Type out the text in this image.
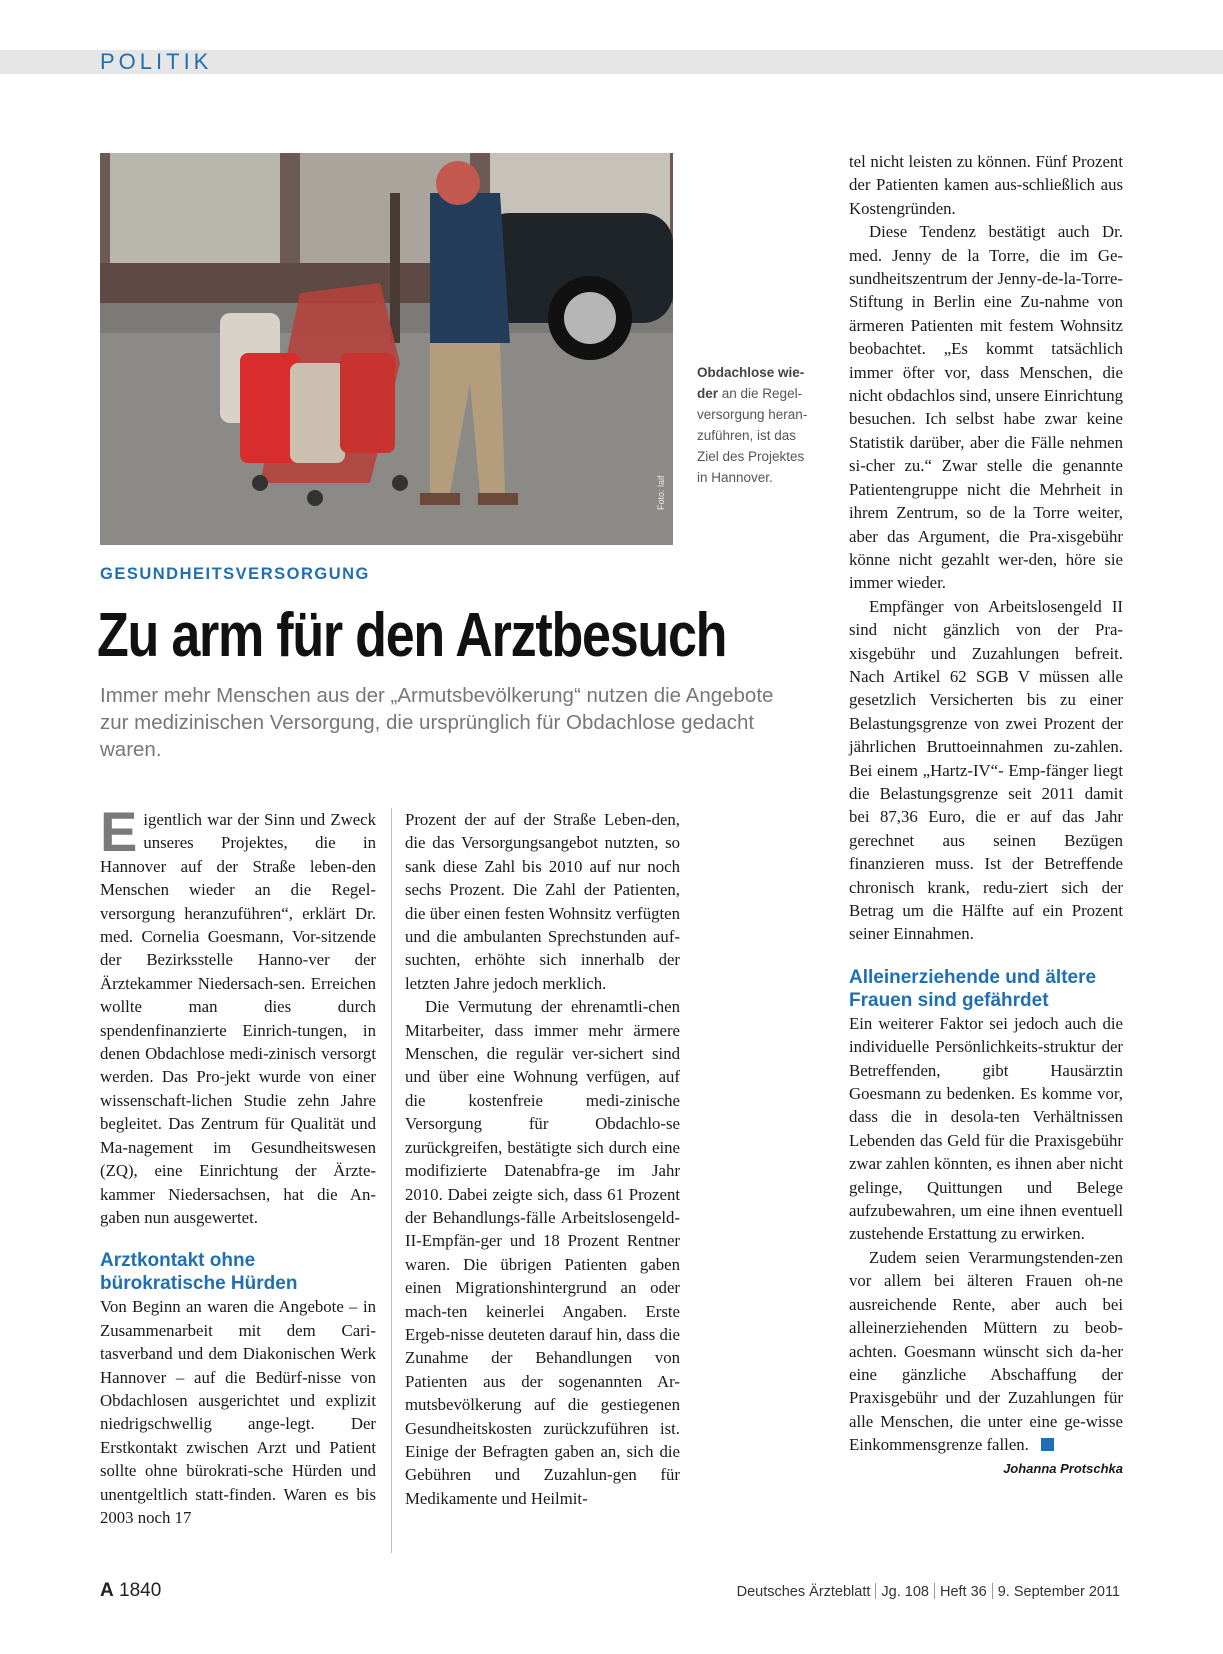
POLITIK
Foto: laif
Obdachlose wie-der an die Regel-versorgung heran-zuführen, ist das Ziel des Projektes in Hannover.
GESUNDHEITSVERSORGUNG
Zu arm für den Arztbesuch
Immer mehr Menschen aus der „Armutsbevölkerung“ nutzen die Angebote zur medizinischen Versorgung, die ursprünglich für Obdachlose gedacht waren.

Eigentlich war der Sinn und Zweck unseres Projektes, die in Hannover auf der Straße leben-den Menschen wieder an die Regel-versorgung heranzuführen“, erklärt Dr. med. Cornelia Goesmann, Vor-sitzende der Bezirksstelle Hanno-ver der Ärztekammer Niedersach-sen. Erreichen wollte man dies durch spendenfinanzierte Einrich-tungen, in denen Obdachlose medi-zinisch versorgt werden. Das Pro-jekt wurde von einer wissenschaft-lichen Studie zehn Jahre begleitet. Das Zentrum für Qualität und Ma-nagement im Gesundheitswesen (ZQ), eine Einrichtung der Ärzte-kammer Niedersachsen, hat die An-gaben nun ausgewertet.

Arztkontakt ohne bürokratische Hürden

Von Beginn an waren die Angebote – in Zusammenarbeit mit dem Cari-tasverband und dem Diakonischen Werk Hannover – auf die Bedürf-nisse von Obdachlosen ausgerichtet und explizit niedrigschwellig ange-legt. Der Erstkontakt zwischen Arzt und Patient sollte ohne bürokrati-sche Hürden und unentgeltlich statt-finden. Waren es bis 2003 noch 17

Prozent der auf der Straße Leben-den, die das Versorgungsangebot nutzten, so sank diese Zahl bis 2010 auf nur noch sechs Prozent. Die Zahl der Patienten, die über einen festen Wohnsitz verfügten und die ambulanten Sprechstunden auf-suchten, erhöhte sich innerhalb der letzten Jahre jedoch merklich.

Die Vermutung der ehrenamtli-chen Mitarbeiter, dass immer mehr ärmere Menschen, die regulär ver-sichert sind und über eine Wohnung verfügen, auf die kostenfreie medi-zinische Versorgung für Obdachlo-se zurückgreifen, bestätigte sich durch eine modifizierte Datenabfra-ge im Jahr 2010. Dabei zeigte sich, dass 61 Prozent der Behandlungs-fälle Arbeitslosengeld-II-Empfän-ger und 18 Prozent Rentner waren. Die übrigen Patienten gaben einen Migrationshintergrund an oder mach-ten keinerlei Angaben. Erste Ergeb-nisse deuteten darauf hin, dass die Zunahme der Behandlungen von Patienten aus der sogenannten Ar-mutsbevölkerung auf die gestiegenen Gesundheitskosten zurückzuführen ist. Einige der Befragten gaben an, sich die Gebühren und Zuzahlun-gen für Medikamente und Heilmit-

tel nicht leisten zu können. Fünf Prozent der Patienten kamen aus-schließlich aus Kostengründen.

Diese Tendenz bestätigt auch Dr. med. Jenny de la Torre, die im Ge-sundheitszentrum der Jenny-de-la-Torre-Stiftung in Berlin eine Zu-nahme von ärmeren Patienten mit festem Wohnsitz beobachtet. „Es kommt tatsächlich immer öfter vor, dass Menschen, die nicht obdachlos sind, unsere Einrichtung besuchen. Ich selbst habe zwar keine Statistik darüber, aber die Fälle nehmen si-cher zu.“ Zwar stelle die genannte Patientengruppe nicht die Mehrheit in ihrem Zentrum, so de la Torre weiter, aber das Argument, die Pra-xisgebühr könne nicht gezahlt wer-den, höre sie immer wieder.

Empfänger von Arbeitslosengeld II sind nicht gänzlich von der Pra-xisgebühr und Zuzahlungen befreit. Nach Artikel 62 SGB V müssen alle gesetzlich Versicherten bis zu einer Belastungsgrenze von zwei Prozent der jährlichen Bruttoeinnahmen zu-zahlen. Bei einem „Hartz-IV“- Emp-fänger liegt die Belastungsgrenze seit 2011 damit bei 87,36 Euro, die er auf das Jahr gerechnet aus seinen Bezügen finanzieren muss. Ist der Betreffende chronisch krank, redu-ziert sich der Betrag um die Hälfte auf ein Prozent seiner Einnahmen.

Alleinerziehende und ältere Frauen sind gefährdet

Ein weiterer Faktor sei jedoch auch die individuelle Persönlichkeits-struktur der Betreffenden, gibt Hausärztin Goesmann zu bedenken. Es komme vor, dass die in desola-ten Verhältnissen Lebenden das Geld für die Praxisgebühr zwar zahlen könnten, es ihnen aber nicht gelinge, Quittungen und Belege aufzubewahren, um eine ihnen eventuell zustehende Erstattung zu erwirken.

Zudem seien Verarmungstenden-zen vor allem bei älteren Frauen oh-ne ausreichende Rente, aber auch bei alleinerziehenden Müttern zu beob-achten. Goesmann wünscht sich da-her eine gänzliche Abschaffung der Praxisgebühr und der Zuzahlungen für alle Menschen, die unter eine ge-wisse Einkommensgrenze fallen.

Johanna Protschka
A 1840	Deutsches Ärzteblatt Jg. 108 Heft 36 9. September 2011
